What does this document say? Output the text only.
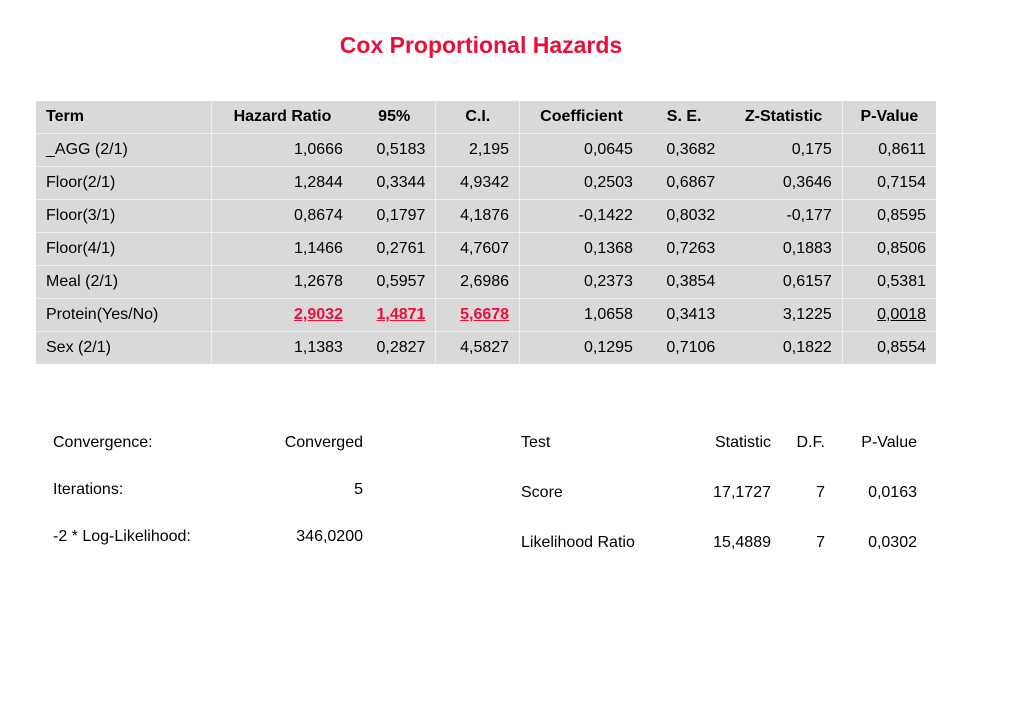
Cox Proportional Hazards
Term	Hazard Ratio	95%	C.I.	Coefficient	S. E.	Z-Statistic	P-Value
_AGG (2/1)	1,0666	0,5183	2,195	0,0645	0,3682	0,175	0,8611
Floor(2/1)	1,2844	0,3344	4,9342	0,2503	0,6867	0,3646	0,7154
Floor(3/1)	0,8674	0,1797	4,1876	-0,1422	0,8032	-0,177	0,8595
Floor(4/1)	1,1466	0,2761	4,7607	0,1368	0,7263	0,1883	0,8506
Meal (2/1)	1,2678	0,5957	2,6986	0,2373	0,3854	0,6157	0,5381
Protein(Yes/No)	2,9032	1,4871	5,6678	1,0658	0,3413	3,1225	0,0018
Sex (2/1)	1,1383	0,2827	4,5827	0,1295	0,7106	0,1822	0,8554
Convergence:	Converged
Iterations:	5
-2 * Log-Likelihood:	346,0200
Test	Statistic	D.F.	P-Value
Score	17,1727	7	0,0163
Likelihood Ratio	15,4889	7	0,0302
